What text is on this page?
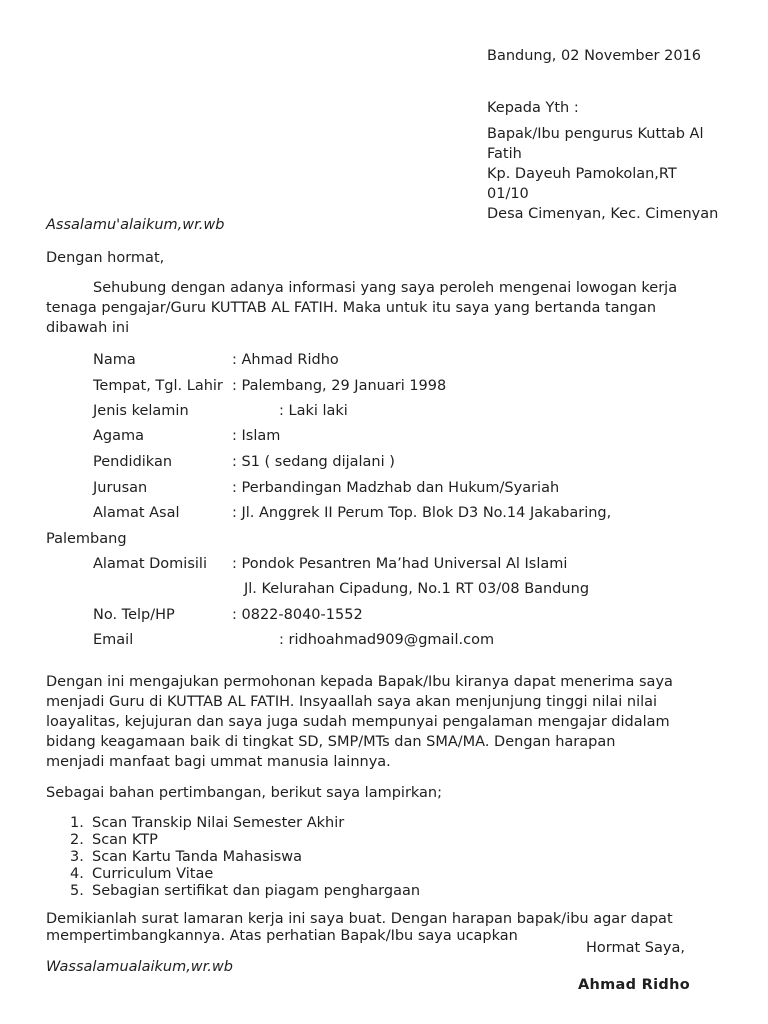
Bandung, 02 November 2016
Kepada Yth :
Bapak/Ibu pengurus Kuttab Al
Fatih
Kp. Dayeuh Pamokolan,RT
01/10
Desa Cimenyan, Kec. Cimenyan
Assalamu'alaikum,wr.wb
Dengan hormat,
Sehubung dengan adanya informasi yang saya peroleh mengenai lowogan kerja
tenaga pengajar/Guru KUTTAB AL FATIH. Maka untuk itu saya yang bertanda tangan
dibawah ini
Nama	: Ahmad Ridho
Tempat, Tgl. Lahir : Palembang, 29 Januari 1998
Jenis kelamin	: Laki laki
Agama	: Islam
Pendidikan	: S1 ( sedang dijalani )
Jurusan	: Perbandingan Madzhab dan Hukum/Syariah
Alamat Asal	: Jl. Anggrek II Perum Top. Blok D3 No.14 Jakabaring,
Palembang
Alamat Domisili : Pondok Pesantren Ma’had Universal Al Islami
Jl. Kelurahan Cipadung, No.1 RT 03/08 Bandung
No. Telp/HP	: 0822-8040-1552
Email	: ridhoahmad909@gmail.com
Dengan ini mengajukan permohonan kepada Bapak/Ibu kiranya dapat menerima saya
menjadi Guru di KUTTAB AL FATIH. Insyaallah saya akan menjunjung tinggi nilai nilai
loayalitas, kejujuran dan saya juga sudah mempunyai pengalaman mengajar didalam
bidang keagamaan baik di tingkat SD, SMP/MTs dan SMA/MA. Dengan harapan
menjadi manfaat bagi ummat manusia lainnya.
Sebagai bahan pertimbangan, berikut saya lampirkan;
1. Scan Transkip Nilai Semester Akhir
2. Scan KTP
3. Scan Kartu Tanda Mahasiswa
4. Curriculum Vitae
5. Sebagian sertifikat dan piagam penghargaan
Demikianlah surat lamaran kerja ini saya buat. Dengan harapan bapak/ibu agar dapat
mempertimbangkannya. Atas perhatian Bapak/Ibu saya ucapkan
Hormat Saya,
Wassalamualaikum,wr.wb
Ahmad Ridho
